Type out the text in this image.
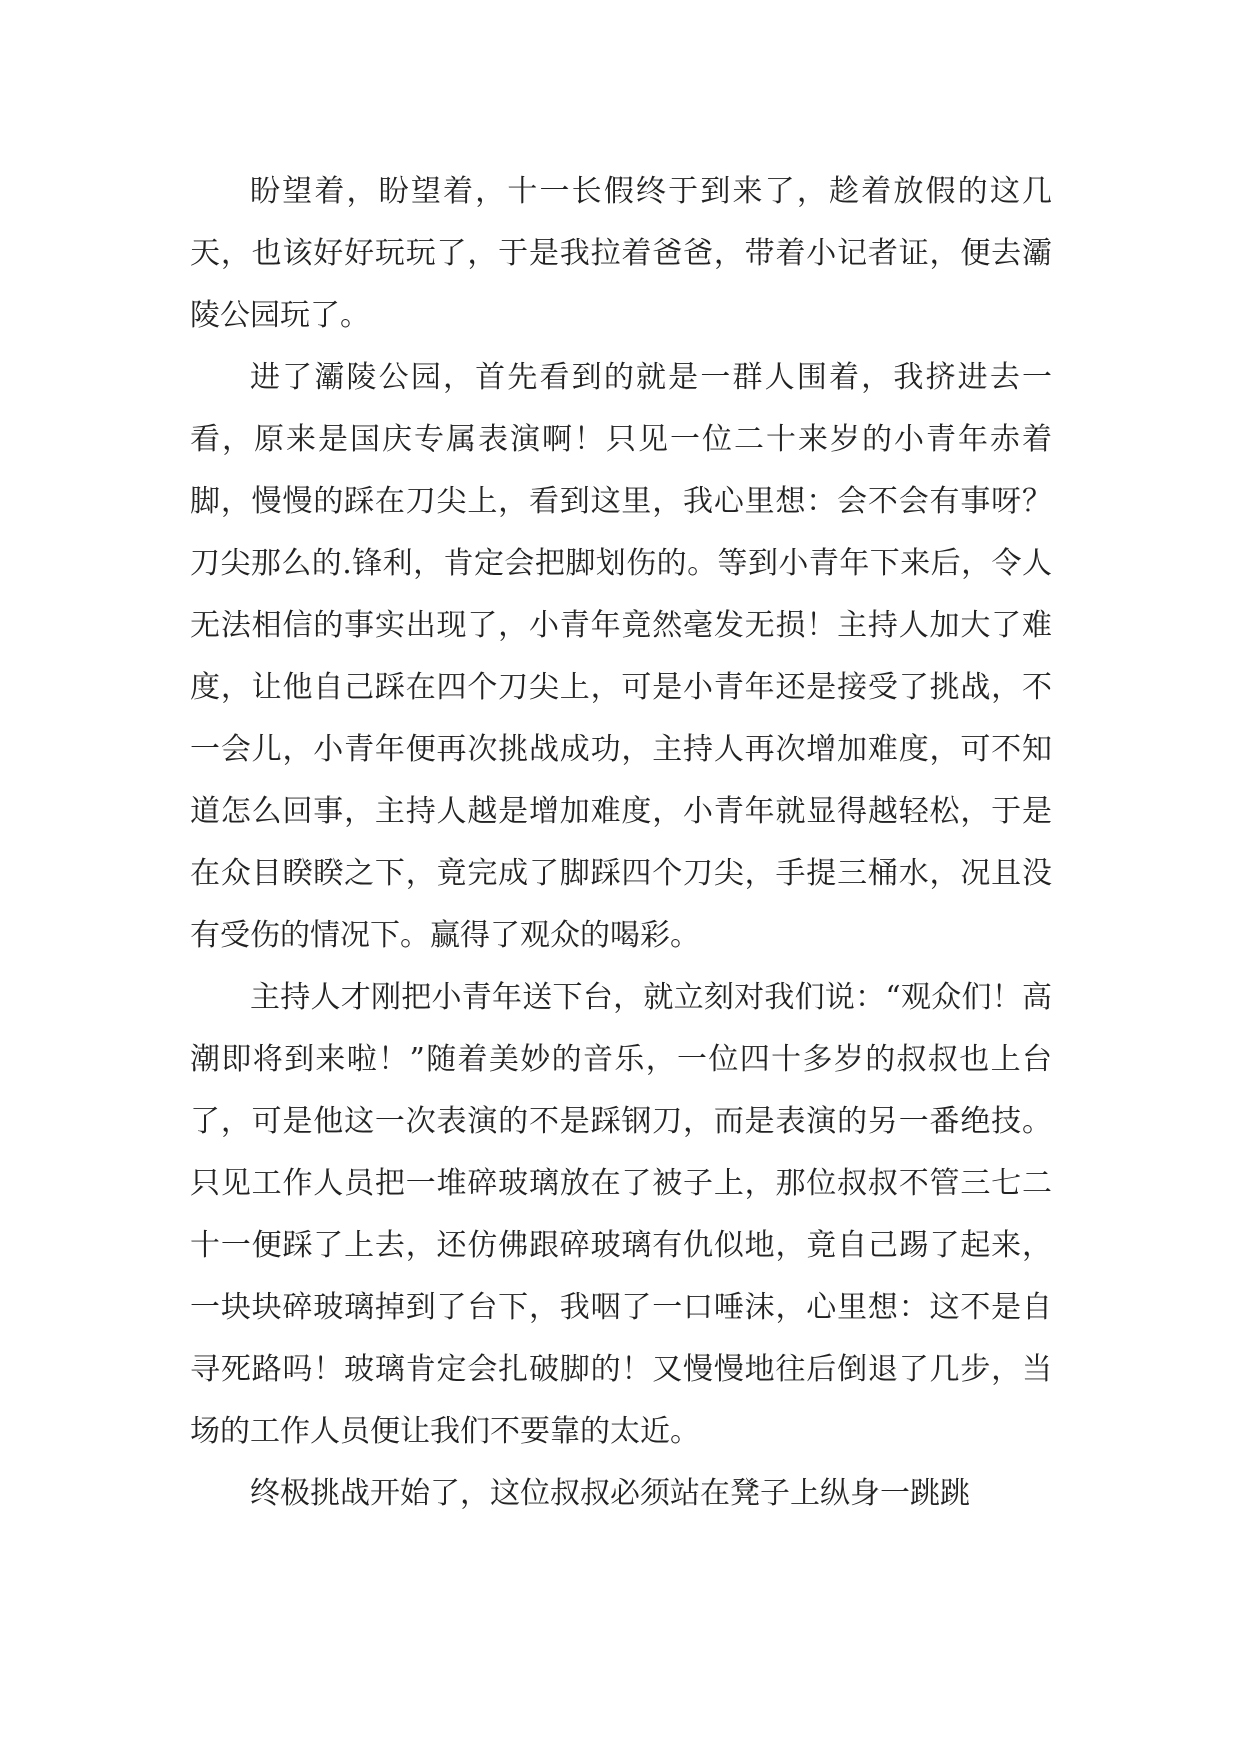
盼望着，盼望着，十一长假终于到来了，趁着放假的这几天，也该好好玩玩了，于是我拉着爸爸，带着小记者证，便去灞陵公园玩了。

进了灞陵公园，首先看到的就是一群人围着，我挤进去一看，原来是国庆专属表演啊！只见一位二十来岁的小青年赤着脚，慢慢的踩在刀尖上，看到这里，我心里想：会不会有事呀？刀尖那么的.锋利，肯定会把脚划伤的。等到小青年下来后，令人无法相信的事实出现了，小青年竟然毫发无损！主持人加大了难度，让他自己踩在四个刀尖上，可是小青年还是接受了挑战，不一会儿，小青年便再次挑战成功，主持人再次增加难度，可不知道怎么回事，主持人越是增加难度，小青年就显得越轻松，于是在众目睽睽之下，竟完成了脚踩四个刀尖，手提三桶水，况且没有受伤的情况下。赢得了观众的喝彩。

主持人才刚把小青年送下台，就立刻对我们说：“观众们！高潮即将到来啦！”随着美妙的音乐，一位四十多岁的叔叔也上台了，可是他这一次表演的不是踩钢刀，而是表演的另一番绝技。只见工作人员把一堆碎玻璃放在了被子上，那位叔叔不管三七二十一便踩了上去，还仿佛跟碎玻璃有仇似地，竟自己踢了起来，一块块碎玻璃掉到了台下，我咽了一口唾沫，心里想：这不是自寻死路吗！玻璃肯定会扎破脚的！又慢慢地往后倒退了几步，当场的工作人员便让我们不要靠的太近。

终极挑战开始了，这位叔叔必须站在凳子上纵身一跳跳
